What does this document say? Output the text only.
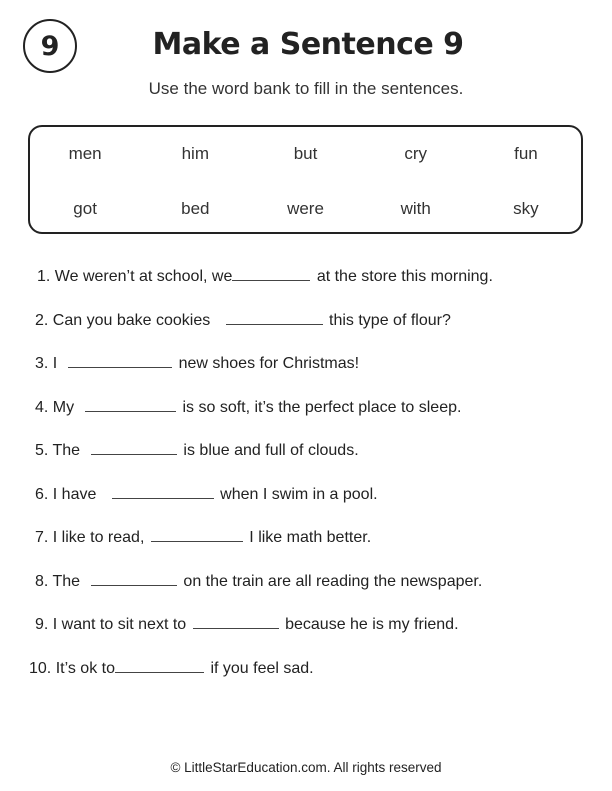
9	Make a Sentence 9
Use the word bank to fill in the sentences.
men	him	but	cry	fun
got	bed	were	with	sky
1. We weren’t at school, we	at the store this morning.
2. Can you bake cookies	this type of flour?
3. I	new shoes for Christmas!
4. My	is so soft, it’s the perfect place to sleep.
5. The	is blue and full of clouds.
6. I have	when I swim in a pool.
7. I like to read,	I like math better.
8. The	on the train are all reading the newspaper.
9. I want to sit next to	because he is my friend.
10. It’s ok to	if you feel sad.
© LittleStarEducation.com. All rights reserved
